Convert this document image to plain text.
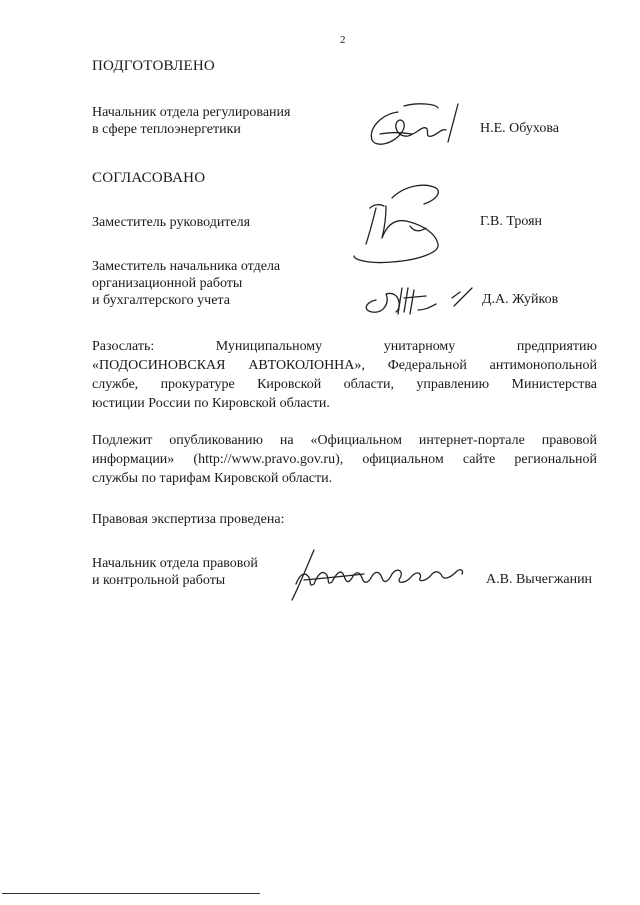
2
ПОДГОТОВЛЕНО
Начальник отдела регулирования
в сфере теплоэнергетики	Н.Е. Обухова
СОГЛАСОВАНО
Заместитель руководителя	Г.В. Троян
Заместитель начальника отдела
организационной работы
и бухгалтерского учета	Д.А. Жуйков
Разослать: Муниципальному унитарному предприятию
«ПОДОСИНОВСКАЯ АВТОКОЛОННА», Федеральной антимонопольной
службе, прокуратуре Кировской области, управлению Министерства
юстиции России по Кировской области.
Подлежит опубликованию на «Официальном интернет-портале правовой
информации» (http://www.pravo.gov.ru), официальном сайте региональной
службы по тарифам Кировской области.
Правовая экспертиза проведена:
Начальник отдела правовой
и контрольной работы	А.В. Вычегжанин
